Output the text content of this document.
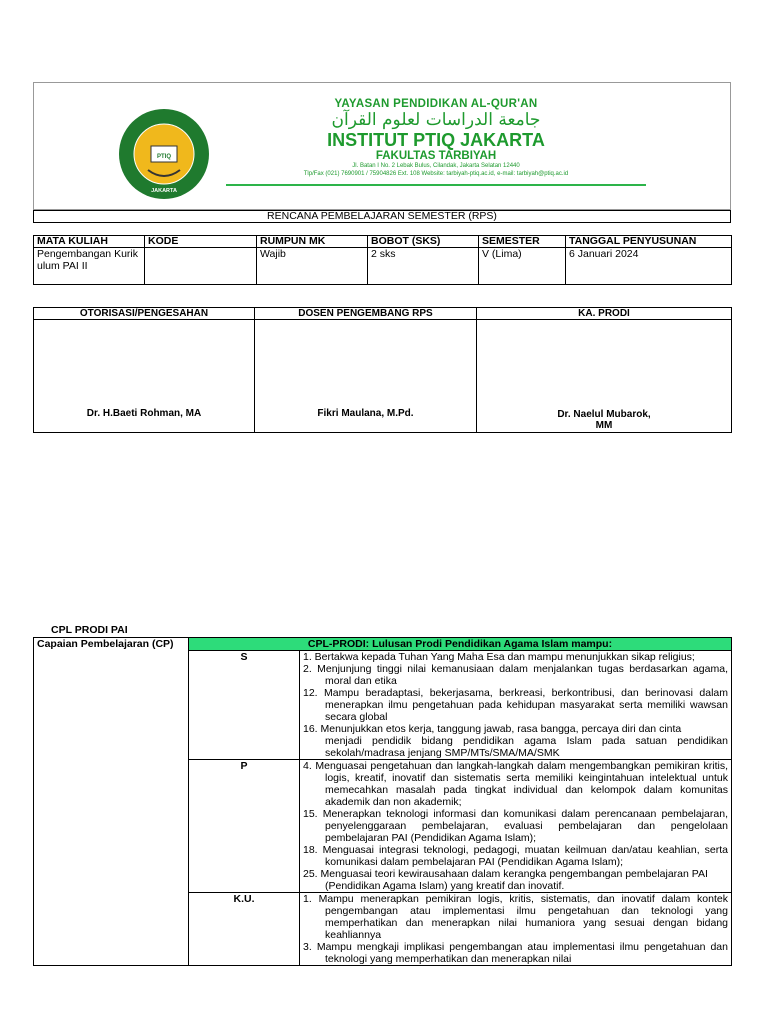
PTIQ
JAKARTA
YAYASAN PENDIDIKAN AL-QUR'AN
جامعة الدراسات لعلوم القرآن
INSTITUT PTIQ JAKARTA
FAKULTAS TARBIYAH
Jl. Batan I No. 2 Lebak Bulus, Cilandak, Jakarta Selatan 12440
Tlp/Fax (021) 7690901 / 75904826 Ext. 108 Website: tarbiyah-ptiq.ac.id, e-mail: tarbiyah@ptiq.ac.id
RENCANA PEMBELAJARAN SEMESTER (RPS)
MATA KULIAH	KODE	RUMPUN MK	BOBOT (SKS)	SEMESTER	TANGGAL PENYUSUNAN
Pengembangan Kurikulum PAI II		Wajib	2 sks	V (Lima)	6 Januari 2024
OTORISASI/PENGESAHAN	DOSEN PENGEMBANG RPS	KA. PRODI

Dr. H.Baeti Rohman, MA	Fikri Maulana, M.Pd.	Dr. Naelul Mubarok, MM
CPL PRODI PAI
Capaian Pembelajaran (CP)	CPL-PRODI: Lulusan Prodi Pendidikan Agama Islam mampu:	
	S	1. Bertakwa kepada Tuhan Yang Maha Esa dan mampu menunjukkan sikap religius;
2. Menjunjung tinggi nilai kemanusiaan dalam menjalankan tugas berdasarkan agama, moral dan etika
12. Mampu beradaptasi, bekerjasama, berkreasi, berkontribusi, dan berinovasi dalam menerapkan ilmu pengetahuan pada kehidupan masyarakat serta memiliki wawsan secara global
16. Menunjukkan etos kerja, tanggung jawab, rasa bangga, percaya diri dan cinta
menjadi pendidik bidang pendidikan agama Islam pada satuan pendidikan sekolah/madrasa jenjang SMP/MTs/SMA/MA/SMK

	P	4. Menguasai pengetahuan dan langkah-langkah dalam mengembangkan pemikiran kritis, logis, kreatif, inovatif dan sistematis serta memiliki keingintahuan intelektual untuk memecahkan masalah pada tingkat individual dan kelompok dalam komunitas akademik dan non akademik;
15. Menerapkan teknologi informasi dan komunikasi dalam perencanaan pembelajaran, penyelenggaraan pembelajaran, evaluasi pembelajaran dan pengelolaan pembelajaran PAI (Pendidikan Agama Islam);
18. Menguasai integrasi teknologi, pedagogi, muatan keilmuan dan/atau keahlian, serta komunikasi dalam pembelajaran PAI (Pendidikan Agama Islam);
25. Menguasai teori kewirausahaan dalam kerangka pengembangan pembelajaran PAI
(Pendidikan Agama Islam) yang kreatif dan inovatif.

	K.U.	1. Mampu menerapkan pemikiran logis, kritis, sistematis, dan inovatif dalam kontek pengembangan atau implementasi ilmu pengetahuan dan teknologi yang memperhatikan dan menerapkan nilai humaniora yang sesuai dengan bidang keahliannya
3. Mampu mengkaji implikasi pengembangan atau implementasi ilmu pengetahuan dan teknologi yang memperhatikan dan menerapkan nilai
